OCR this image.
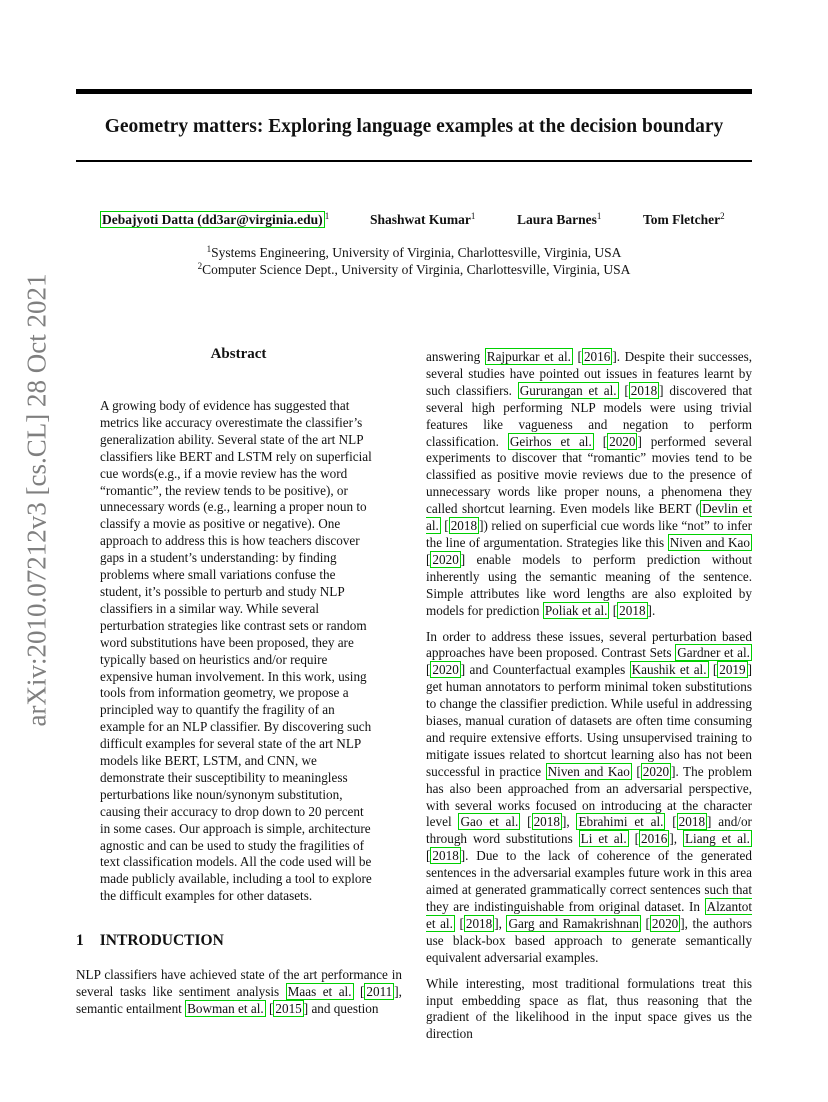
Geometry matters: Exploring language examples at the decision boundary
Debajyoti Datta (dd3ar@virginia.edu) $^1$	Shashwat Kumar$^1$	Laura Barnes$^1$	Tom Fletcher$^2$
$^1$Systems Engineering, University of Virginia, Charlottesville, Virginia, USA
$^2$Computer Science Dept., University of Virginia, Charlottesville, Virginia, USA
arXiv:2010.07212v3 [cs.CL] 28 Oct 2021	Abstract

A growing body of evidence has suggested that metrics like accuracy overestimate the classifier’s generalization ability. Several state of the art NLP classifiers like BERT and LSTM rely on superficial cue words(e.g., if a movie review has the word “romantic”, the review tends to be positive), or unnecessary words (e.g., learning a proper noun to classify a movie as positive or negative). One approach to address this is how teachers discover gaps in a student’s understanding: by finding problems where small variations confuse the student, it’s possible to perturb and study NLP classifiers in a similar way. While several perturbation strategies like contrast sets or random word substitutions have been proposed, they are typically based on heuristics and/or require expensive human involvement. In this work, using tools from information geometry, we propose a principled way to quantify the fragility of an example for an NLP classifier. By discovering such difficult examples for several state of the art NLP models like BERT, LSTM, and CNN, we demonstrate their susceptibility to meaningless perturbations like noun/synonym substitution, causing their accuracy to drop down to 20 percent in some cases. Our approach is simple, architecture agnostic and can be used to study the fragilities of text classification models. All the code used will be made publicly available, including a tool to explore the difficult examples for other datasets.

1 INTRODUCTION

NLP classifiers have achieved state of the art performance in several tasks like sentiment analysis Maas et al. [ 2011 ], semantic entailment Bowman et al. [ 2015 ] and question

answering Rajpurkar et al. [ 2016 ]. Despite their successes, several studies have pointed out issues in features learnt by such classifiers. Gururangan et al. [ 2018 ] discovered that several high performing NLP models were using trivial features like vagueness and negation to perform classification. Geirhos et al. [ 2020 ] performed several experiments to discover that “romantic” movies tend to be classified as positive movie reviews due to the presence of unnecessary words like proper nouns, a phenomena they called shortcut learning. Even models like BERT ( Devlin et al. [ 2018 ]) relied on superficial cue words like “not” to infer the line of argumentation. Strategies like this Niven and Kao [ 2020 ] enable models to perform prediction without inherently using the semantic meaning of the sentence. Simple attributes like word lengths are also exploited by models for prediction Poliak et al. [ 2018 ].

In order to address these issues, several perturbation based approaches have been proposed. Contrast Sets Gardner et al. [ 2020 ] and Counterfactual examples Kaushik et al. [ 2019 ] get human annotators to perform minimal token substitutions to change the classifier prediction. While useful in addressing biases, manual curation of datasets are often time consuming and require extensive efforts. Using unsupervised training to mitigate issues related to shortcut learning also has not been successful in practice Niven and Kao [ 2020 ]. The problem has also been approached from an adversarial perspective, with several works focused on introducing at the character level Gao et al. [ 2018 ], Ebrahimi et al. [ 2018 ] and/or through word substitutions Li et al. [ 2016 ], Liang et al. [ 2018 ]. Due to the lack of coherence of the generated sentences in the adversarial examples future work in this area aimed at generated grammatically correct sentences such that they are indistinguishable from original dataset. In Alzantot et al. [ 2018 ], Garg and Ramakrishnan [ 2020 ], the authors use black-box based approach to generate semantically equivalent adversarial examples.

While interesting, most traditional formulations treat this input embedding space as flat, thus reasoning that the gradient of the likelihood in the input space gives us the direction
